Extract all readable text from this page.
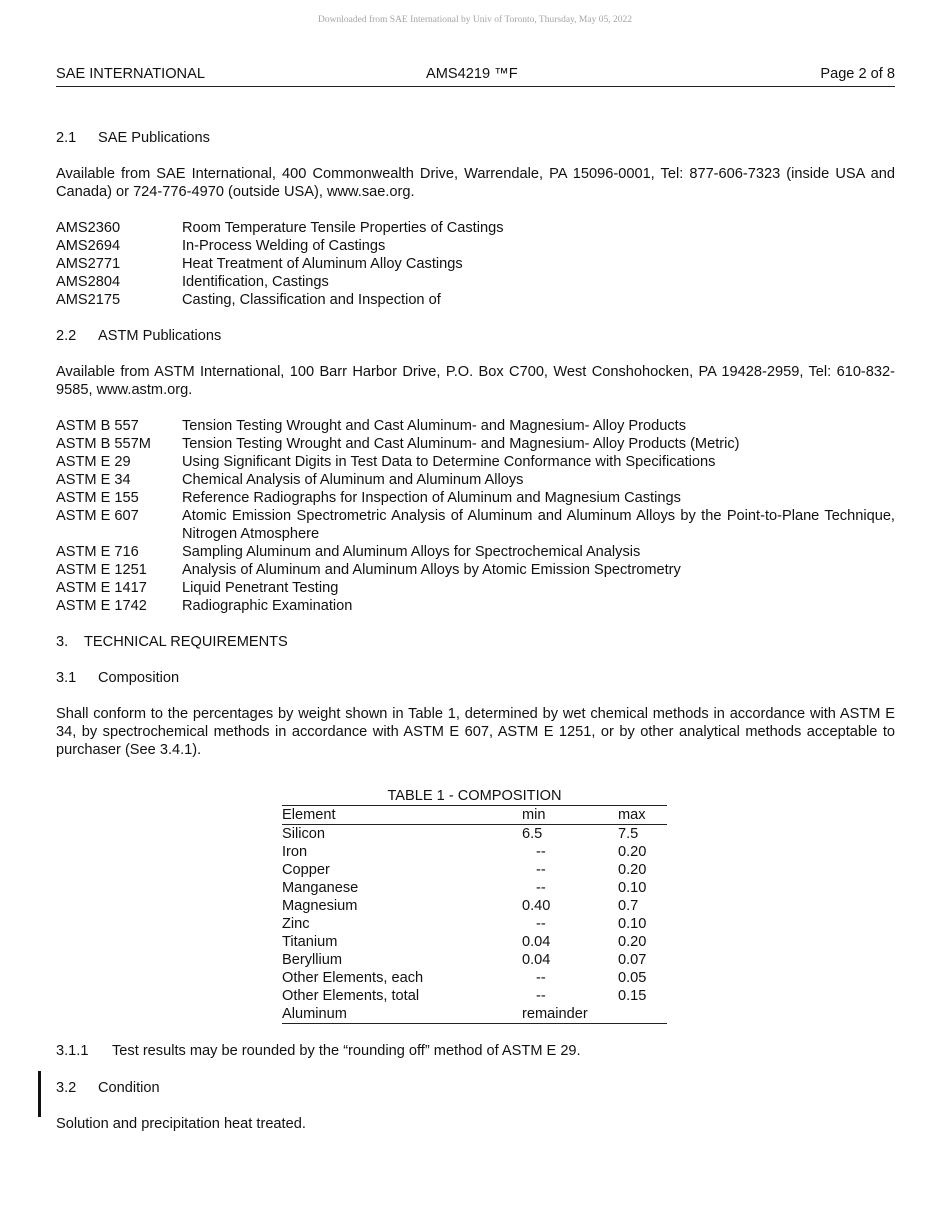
Downloaded from SAE International by Univ of Toronto, Thursday, May 05, 2022
SAE INTERNATIONAL	AMS4219 ™F	Page 2 of 8
2.1 SAE Publications
Available from SAE International, 400 Commonwealth Drive, Warrendale, PA 15096-0001, Tel: 877-606-7323 (inside USA and Canada) or 724-776-4970 (outside USA), www.sae.org.
AMS2360	Room Temperature Tensile Properties of Castings
AMS2694	In-Process Welding of Castings
AMS2771	Heat Treatment of Aluminum Alloy Castings
AMS2804	Identification, Castings
AMS2175	Casting, Classification and Inspection of
2.2 ASTM Publications
Available from ASTM International, 100 Barr Harbor Drive, P.O. Box C700, West Conshohocken, PA 19428-2959, Tel: 610-832-9585, www.astm.org.
ASTM B 557	Tension Testing Wrought and Cast Aluminum- and Magnesium- Alloy Products
ASTM B 557M	Tension Testing Wrought and Cast Aluminum- and Magnesium- Alloy Products (Metric)
ASTM E 29	Using Significant Digits in Test Data to Determine Conformance with Specifications
ASTM E 34	Chemical Analysis of Aluminum and Aluminum Alloys
ASTM E 155	Reference Radiographs for Inspection of Aluminum and Magnesium Castings
ASTM E 607	Atomic Emission Spectrometric Analysis of Aluminum and Aluminum Alloys by the Point-to-Plane Technique, Nitrogen Atmosphere
ASTM E 716	Sampling Aluminum and Aluminum Alloys for Spectrochemical Analysis
ASTM E 1251	Analysis of Aluminum and Aluminum Alloys by Atomic Emission Spectrometry
ASTM E 1417	Liquid Penetrant Testing
ASTM E 1742	Radiographic Examination
3. TECHNICAL REQUIREMENTS
3.1 Composition
Shall conform to the percentages by weight shown in Table 1, determined by wet chemical methods in accordance with ASTM E 34, by spectrochemical methods in accordance with ASTM E 607, ASTM E 1251, or by other analytical methods acceptable to purchaser (See 3.4.1).
TABLE 1 - COMPOSITION
Element	min	max
Silicon	6.5	7.5
Iron	--	0.20
Copper	--	0.20
Manganese	--	0.10
Magnesium	0.40	0.7
Zinc	--	0.10
Titanium	0.04	0.20
Beryllium	0.04	0.07
Other Elements, each	--	0.05
Other Elements, total	--	0.15
Aluminum	remainder	
3.1.1 Test results may be rounded by the “rounding off” method of ASTM E 29.
3.2 Condition
Solution and precipitation heat treated.
